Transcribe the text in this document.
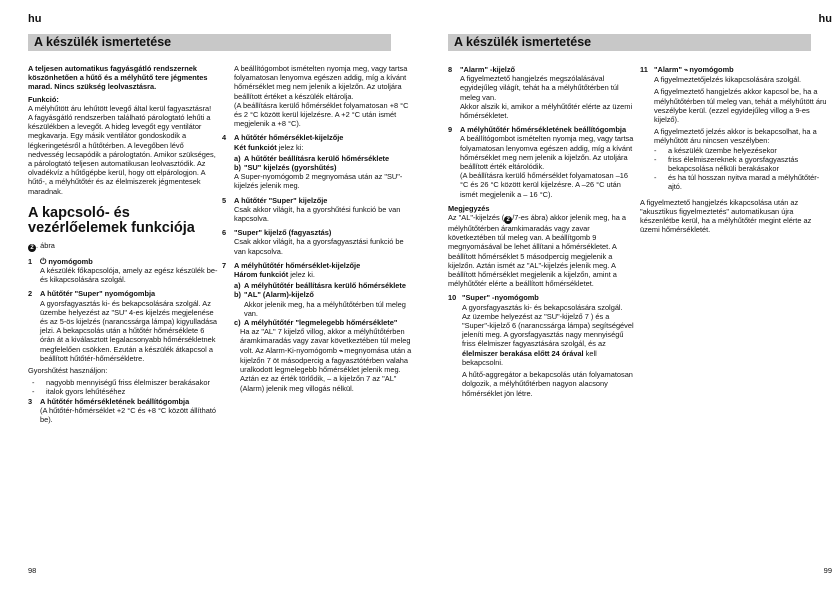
hu
A készülék ismertetése

A teljesen automatikus fagyásgátló rendszernek köszönhetően a hűtő és a mélyhűtő tere jégmentes marad. Nincs szükség leolvasztásra.

Funkció:
A mélyhűtött áru lehűtött levegő által kerül fagyasztásra!
A fagyásgátló rendszerben található párologtató lehűti a készülékben a levegőt. A hideg levegőt egy ventilátor megkavarja. Egy másik ventilátor gondoskodik a légkeringetésről a hűtőtérben. A levegőben lévő nedvesség lecsapódik a párologtatón. Amikor szükséges, a párologtató teljesen automatikusan leolvasztódik. Az olvadékvíz a hűtőgépbe kerül, hogy ott elpárologjon. A hűtő-, a mélyhűtőtér és az élelmiszerek jégmentesek maradnak.
A kapcsoló- és vezérlőelemek funkciója
2 . ábra
1 ⏻ nyomógomb
A készülék főkapcsolója, amely az egész készülék be- és kikapcsolására szolgál.
2	A hűtőtér "Super" nyomógombja
A gyorsfagyasztás ki- és bekapcsolására szolgál. Az üzembe helyezést az "SU" 4-es kijelzés megjelenése és az 5-ös kijelzés (narancssárga lámpa) kigyulladása jelzi. A bekapcsolás után a hűtőtér hőmérséklete 6 órán át a kiválasztott legalacsonyabb hőmérsékletnek megfelelően csökken. Ezután a készülék átkapcsol a beállított hűtőtér-hőmérsékletre.
Gyorshűtést használjon:
-	nagyobb mennyiségű friss élelmiszer berakásakor
-	italok gyors lehűtéséhez
3	A hűtőtér hőmérsékletének beállítógombja
(A hűtőtér-hőmérséklet +2 °C és +8 °C között állítható be).
A beállítógombot ismételten nyomja meg, vagy tartsa folyamatosan lenyomva egészen addig, míg a kívánt hőmérséklet meg nem jelenik a kijelzőn. Az utoljára beállított értéket a készülék eltárolja.
(A beállításra kerülő hőmérséklet folyamatosan +8 °C és 2 °C között kerül kijelzésre. A +2 °C után ismét megjelenik a +8 °C).
4	A hűtőtér hőmérséklet-kijelzője
Két funkciót jelez ki:
a) A hűtőtér beállításra kerülő hőmérséklete
b) "SU" kijelzés (gyorshűtés)
A Super-nyomógomb 2 megnyomása után az "SU"-kijelzés jelenik meg.
5	A hűtőtér "Super" kijelzője
Csak akkor világít, ha a gyorshűtési funkció be van kapcsolva.
6	"Super" kijelző (fagyasztás)
Csak akkor világít, ha a gyorsfagyasztási funkció be van kapcsolva.
7	A mélyhűtőtér hőmérséklet-kijelzője
Három funkciót jelez ki.
a) A mélyhűtőtér beállításra kerülő hőmérséklete
b) "AL" (Alarm)-kijelző
Akkor jelenik meg, ha a mélyhűtőtérben túl meleg van.
c) A mélyhűtőtér "legmelegebb hőmérséklete"
Ha az "AL" 7 kijelző villog, akkor a mélyhűtőtérben áramkimaradás vagy zavar következtében túl meleg volt. Az Alarm-Ki-nyomógomb ⌁ megnyomása után a kijelzőn 7 öt másodpercig a fagyasztótérben valaha uralkodott legmelegebb hőmérséklet jelenik meg. Aztán ez az érték törlődik, – a kijelzőn 7 az "AL" (Alarm) jelenik meg villogás nélkül.
98
hu
A készülék ismertetése
8	"Alarm" -kijelző
A figyelmeztető hangjelzés megszólalásával egyidejűleg világít, tehát ha a mélyhűtőtérben túl meleg van.
Akkor alszik ki, amikor a mélyhűtőtér elérte az üzemi hőmérsékletet.
9	A mélyhűtőtér hőmérsékletének beállítógombja
A beállítógombot ismételten nyomja meg, vagy tartsa folyamatosan lenyomva egészen addig, míg a kívánt hőmérséklet meg nem jelenik a kijelzőn. Az utoljára beállított érték eltárolódik.
(A beállításra kerülő hőmérséklet folyamatosan –16 °C és 26 °C között kerül kijelzésre. A –26 °C után ismét megjelenik a – 16 °C).
Megjegyzés
Az "AL"-kijelzés ( 2 /7-es ábra) akkor jelenik meg, ha a mélyhűtőtérben áramkimaradás vagy zavar következtében túl meleg van. A beállítgomb 9 megnyomásával be lehet állítani a hőmérsékletet. A beállított hőmérséklet 5 másodpercig megjelenik a kijelzőn. Aztán ismét az "AL"-kijelzés jelenik meg. A beállított hőmérséklet megjelenik a kijelzőn, amint a mélyhűtőtér elérte a beállított hőmérsékletet.
10 "Super" -nyomógomb
A gyorsfagyasztás ki- és bekapcsolására szolgál.
Az üzembe helyezést az "SU"-kijelző 7 ) és a "Super"-kijelző 6 (narancssárga lámpa) segítségével jeleníti meg. A gyorsfagyasztás nagy mennyiségű friss élelmiszer fagyasztására szolgál, és az élelmiszer berakása előtt 24 órával kell bekapcsolni.
A hűtő-aggregátor a bekapcsolás után folyamatosan dolgozik, a mélyhűtőtérben nagyon alacsony hőmérséklet jön létre.
11 "Alarm" ⌁ nyomógomb

A figyelmeztetőjelzés kikapcsolására szolgál.

A figyelmeztető hangjelzés akkor kapcsol be, ha a mélyhűtőtérben túl meleg van, tehát a mélyhűtött áru veszélybe kerül. (ezzel egyidejűleg villog a 9-es kijelző).

A figyelmeztető jelzés akkor is bekapcsolhat, ha a mélyhűtött áru nincsen veszélyben:
-	a készülék üzembe helyezésekor
-	friss élelmiszereknek a gyorsfagyasztás bekapcsolása nélküli berakásakor
-	és ha túl hosszan nyitva marad a mélyhűtőtér-ajtó.
A figyelmeztető hangjelzés kikapcsolása után az "akusztikus figyelmeztetés" automatikusan újra készenlétbe kerül, ha a mélyhűtőtér megint elérte az üzemi hőmérsékletét.
99
